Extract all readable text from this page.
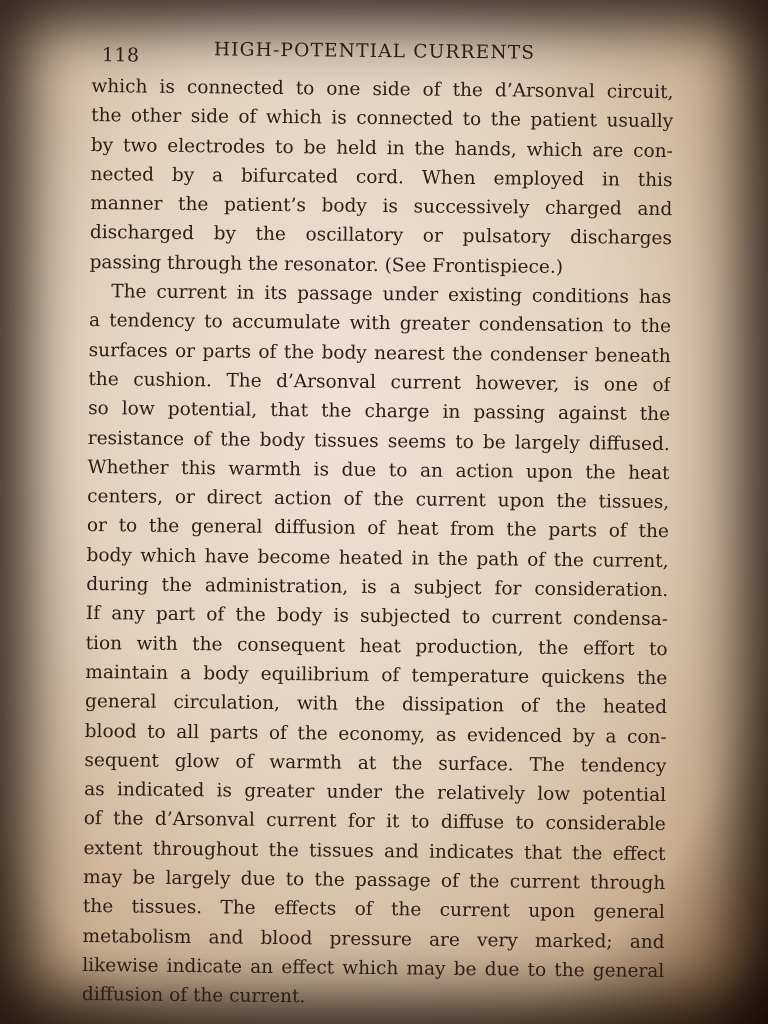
118	HIGH-POTENTIAL CURRENTS
which is connected to one side of the d’Arsonval circuit,
the other side of which is connected to the patient usually
by two electrodes to be held in the hands, which are con-
nected by a bifurcated cord. When employed in this
manner the patient’s body is successively charged and
discharged by the oscillatory or pulsatory discharges
passing through the resonator. (See Frontispiece.)
The current in its passage under existing conditions has
a tendency to accumulate with greater condensation to the
surfaces or parts of the body nearest the condenser beneath
the cushion. The d’Arsonval current however, is one of
so low potential, that the charge in passing against the
resistance of the body tissues seems to be largely diffused.
Whether this warmth is due to an action upon the heat
centers, or direct action of the current upon the tissues,
or to the general diffusion of heat from the parts of the
body which have become heated in the path of the current,
during the administration, is a subject for consideration.
If any part of the body is subjected to current condensa-
tion with the consequent heat production, the effort to
maintain a body equilibrium of temperature quickens the
general circulation, with the dissipation of the heated
blood to all parts of the economy, as evidenced by a con-
sequent glow of warmth at the surface. The tendency
as indicated is greater under the relatively low potential
of the d’Arsonval current for it to diffuse to considerable
extent throughout the tissues and indicates that the effect
may be largely due to the passage of the current through
the tissues. The effects of the current upon general
metabolism and blood pressure are very marked; and
likewise indicate an effect which may be due to the general
diffusion of the current.
